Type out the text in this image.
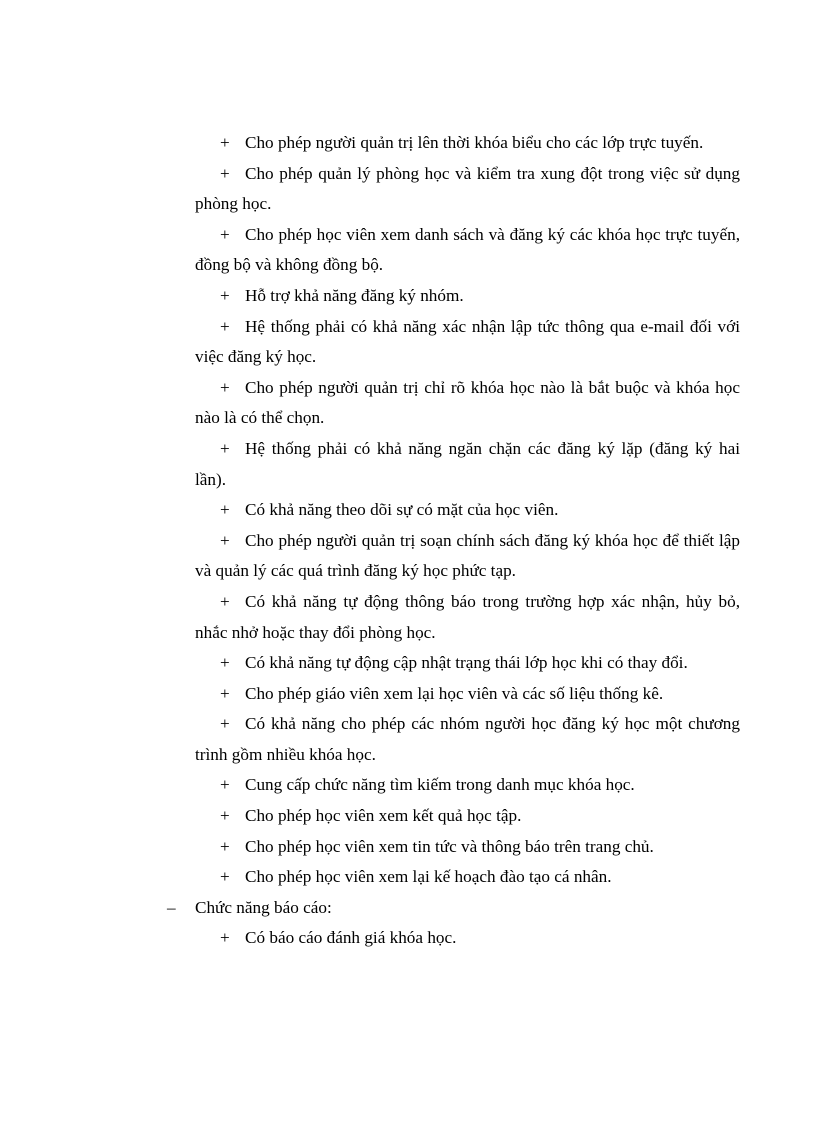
+ Cho phép người quản trị lên thời khóa biểu cho các lớp trực tuyến.
+ Cho phép quản lý phòng học và kiểm tra xung đột trong việc sử dụng phòng học.
+ Cho phép học viên xem danh sách và đăng ký các khóa học trực tuyến, đồng bộ và không đồng bộ.
+ Hỗ trợ khả năng đăng ký nhóm.
+ Hệ thống phải có khả năng xác nhận lập tức thông qua e-mail đối với việc đăng ký học.
+ Cho phép người quản trị chỉ rõ khóa học nào là bắt buộc và khóa học nào là có thể chọn.
+ Hệ thống phải có khả năng ngăn chặn các đăng ký lặp (đăng ký hai lần).
+ Có khả năng theo dõi sự có mặt của học viên.
+ Cho phép người quản trị soạn chính sách đăng ký khóa học để thiết lập và quản lý các quá trình đăng ký học phức tạp.
+ Có khả năng tự động thông báo trong trường hợp xác nhận, hủy bỏ, nhắc nhở hoặc thay đổi phòng học.
+ Có khả năng tự động cập nhật trạng thái lớp học khi có thay đổi.
+ Cho phép giáo viên xem lại học viên và các số liệu thống kê.
+ Có khả năng cho phép các nhóm người học đăng ký học một chương trình gồm nhiều khóa học.
+ Cung cấp chức năng tìm kiếm trong danh mục khóa học.
+ Cho phép học viên xem kết quả học tập.
+ Cho phép học viên xem tin tức và thông báo trên trang chủ.
+ Cho phép học viên xem lại kế hoạch đào tạo cá nhân.
–	Chức năng báo cáo:
+ Có báo cáo đánh giá khóa học.
